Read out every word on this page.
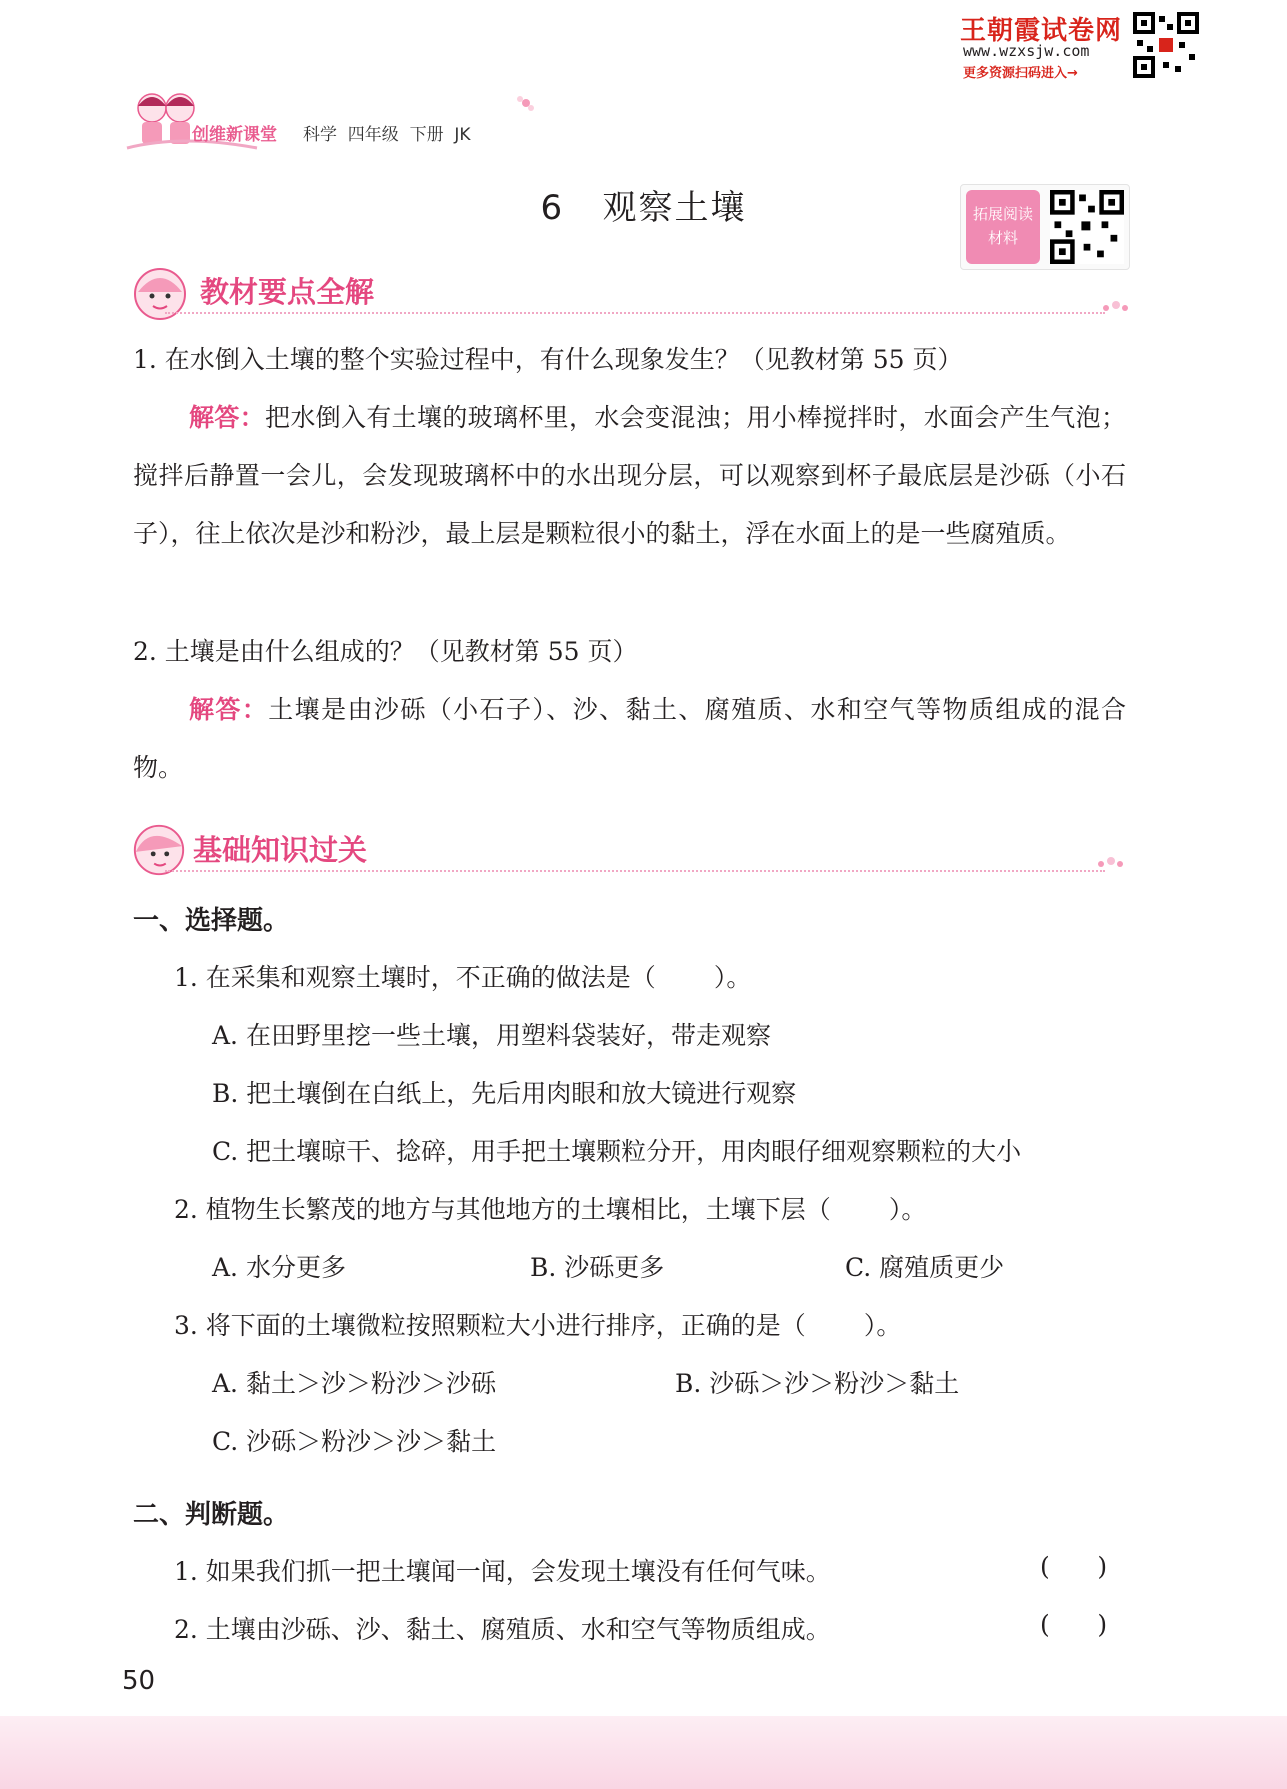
创维新课堂 科学  四年级  下册  JK
王朝霞试卷网
www.wzxsjw.com
更多资源扫码进入→
6   观察土壤	拓展阅读
材料
教材要点全解
1. 在水倒入土壤的整个实验过程中，有什么现象发生？（见教材第 55 页）
解答：把水倒入有土壤的玻璃杯里，水会变混浊；用小棒搅拌时，水面会产生气泡；搅拌后静置一会儿，会发现玻璃杯中的水出现分层，可以观察到杯子最底层是沙砾（小石子），往上依次是沙和粉沙，最上层是颗粒很小的黏土，浮在水面上的是一些腐殖质。
2. 土壤是由什么组成的？（见教材第 55 页）
解答：土壤是由沙砾（小石子）、沙、黏土、腐殖质、水和空气等物质组成的混合物。
基础知识过关
一、选择题。
1. 在采集和观察土壤时，不正确的做法是（ ）。
A. 在田野里挖一些土壤，用塑料袋装好，带走观察
B. 把土壤倒在白纸上，先后用肉眼和放大镜进行观察
C. 把土壤晾干、捻碎，用手把土壤颗粒分开，用肉眼仔细观察颗粒的大小
2. 植物生长繁茂的地方与其他地方的土壤相比，土壤下层（ ）。
A. 水分更多	B. 沙砾更多	C. 腐殖质更少
3. 将下面的土壤微粒按照颗粒大小进行排序，正确的是（ ）。
A. 黏土＞沙＞粉沙＞沙砾	B. 沙砾＞沙＞粉沙＞黏土
C. 沙砾＞粉沙＞沙＞黏土
二、判断题。
1. 如果我们抓一把土壤闻一闻，会发现土壤没有任何气味。	(      )
2. 土壤由沙砾、沙、黏土、腐殖质、水和空气等物质组成。	(      )
50
